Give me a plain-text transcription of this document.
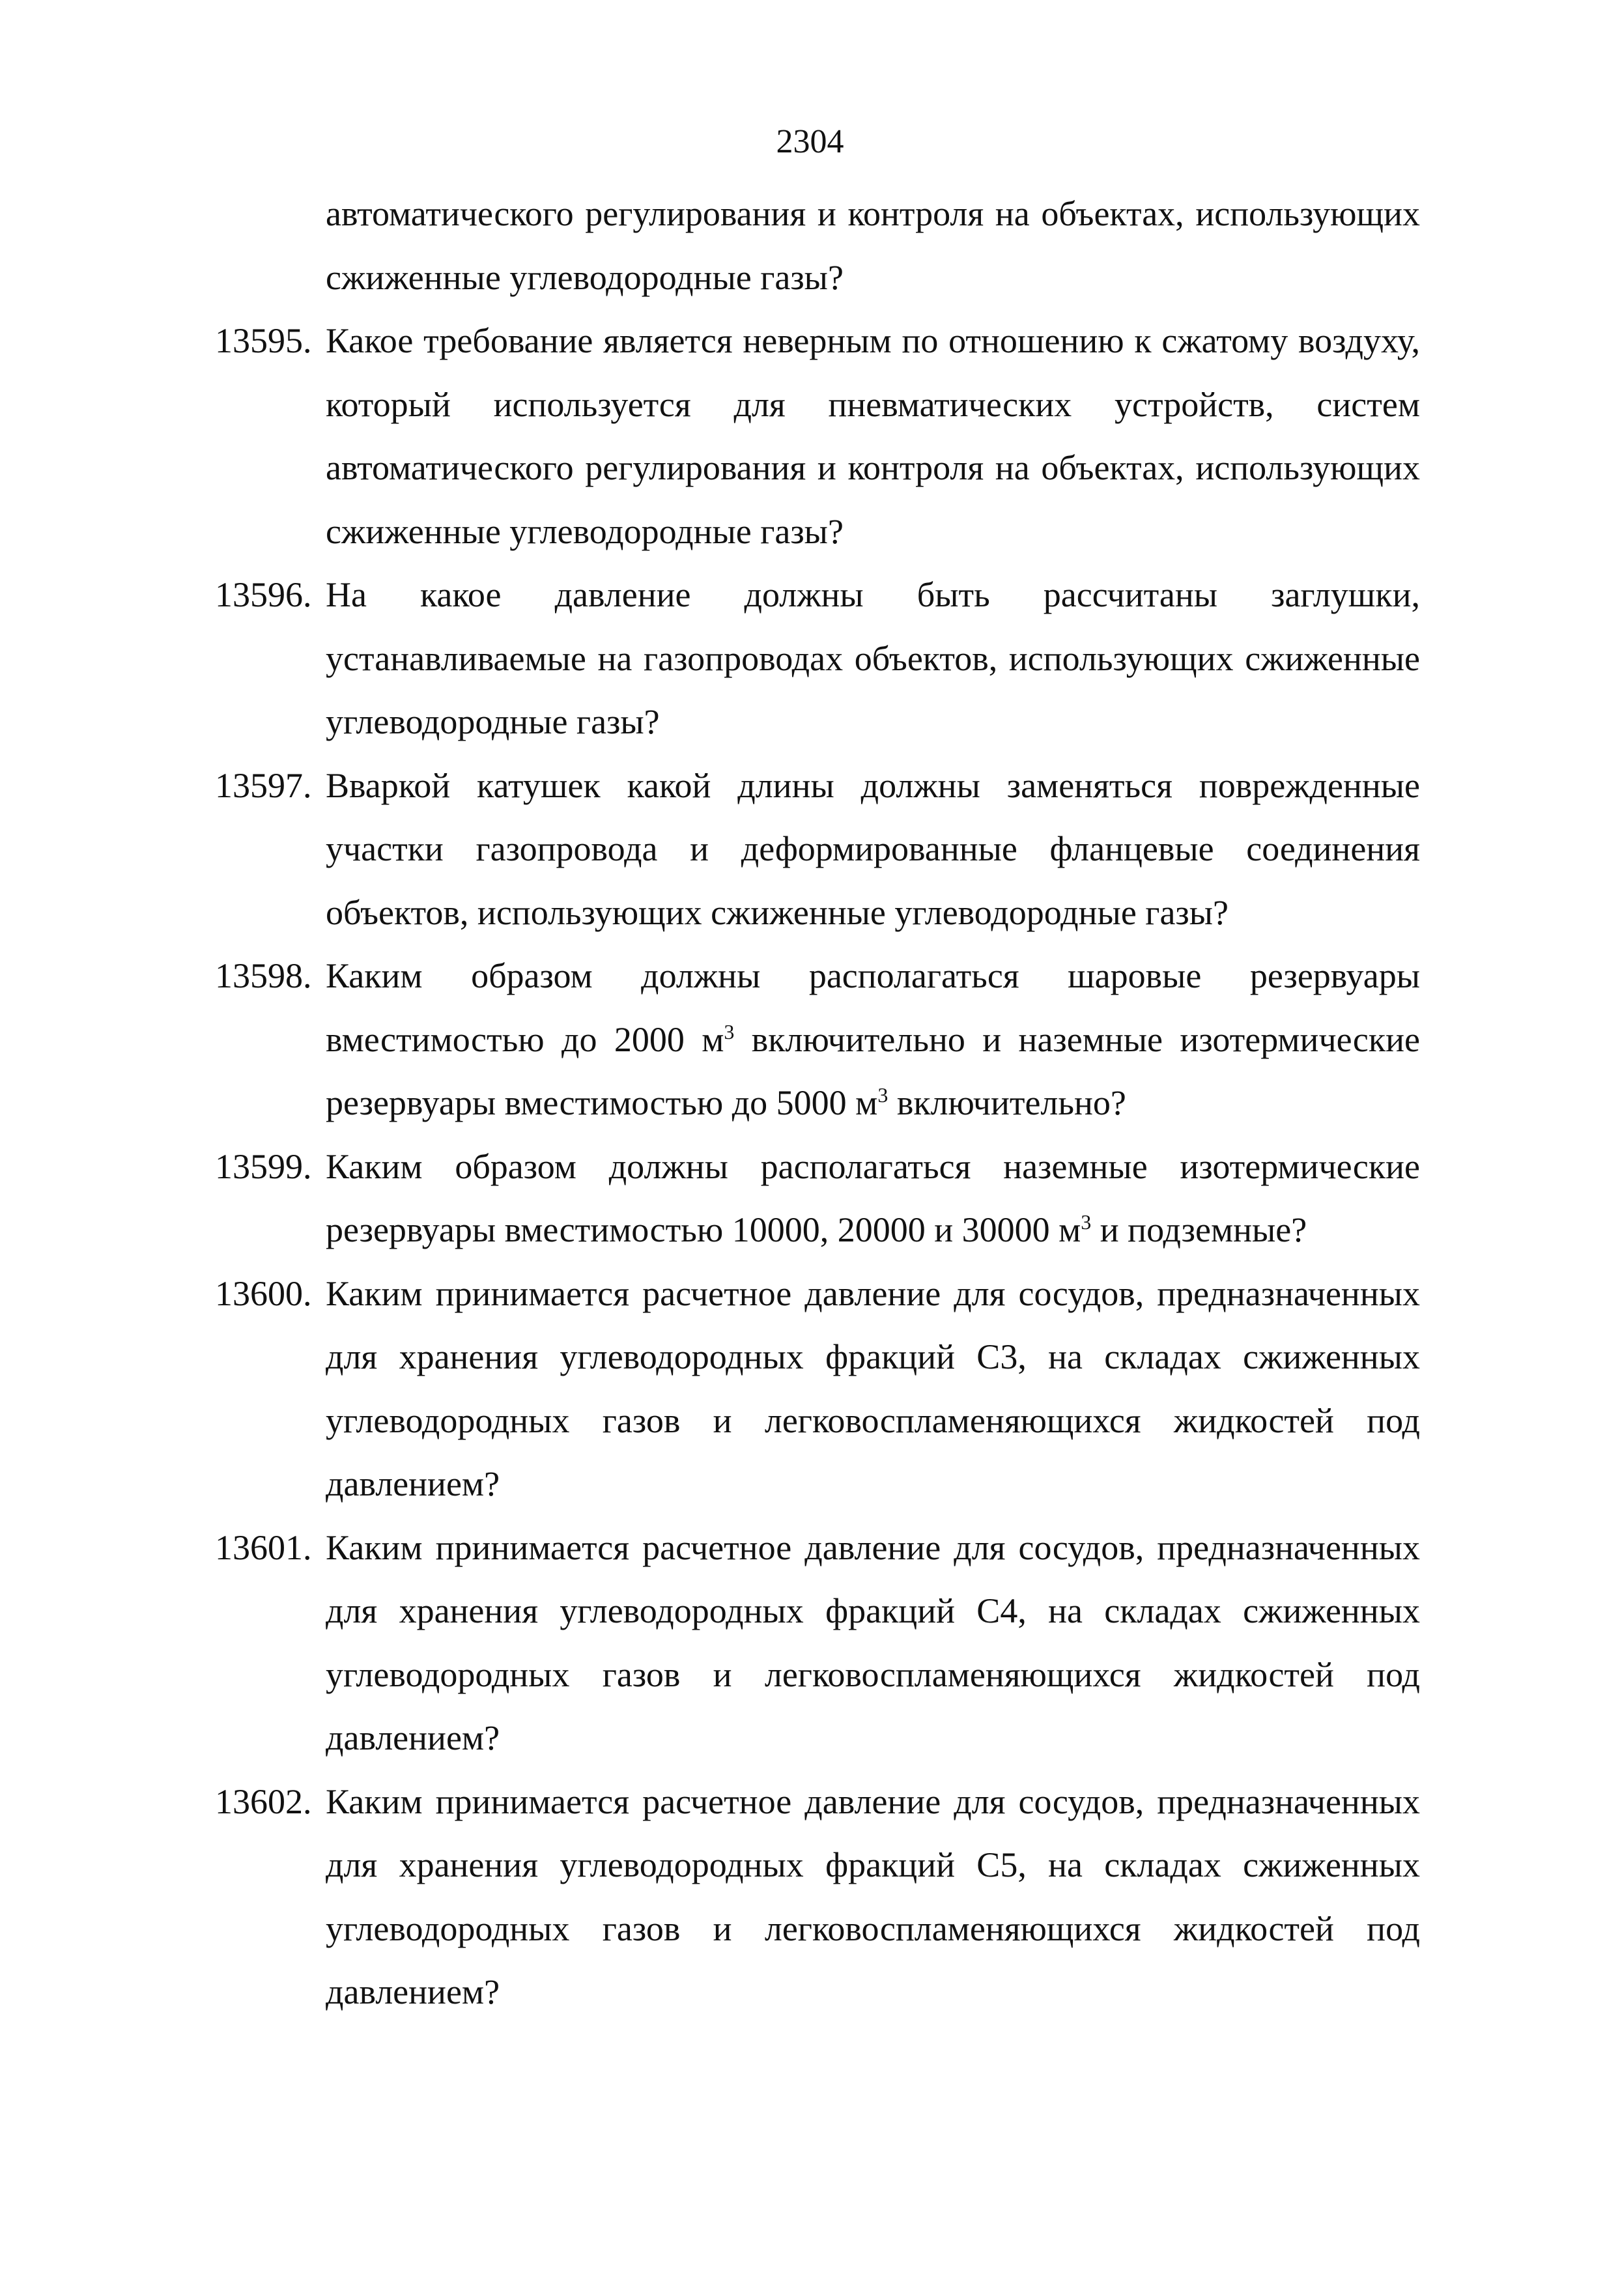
2304
автоматического регулирования и контроля на объектах, использующих сжиженные углеводородные газы?
13595. Какое требование является неверным по отношению к сжатому воздуху, который используется для пневматических устройств, систем автоматического регулирования и контроля на объектах, использующих сжиженные углеводородные газы?
13596. На какое давление должны быть рассчитаны заглушки, устанавливаемые на газопроводах объектов, использующих сжиженные углеводородные газы?
13597. Вваркой катушек какой длины должны заменяться поврежденные участки газопровода и деформированные фланцевые соединения объектов, использующих сжиженные углеводородные газы?
13598. Каким образом должны располагаться шаровые резервуары вместимостью до 2000 $м^3$ включительно и наземные изотермические резервуары вместимостью до 5000 $м^3$ включительно?
13599. Каким образом должны располагаться наземные изотермические резервуары вместимостью 10000, 20000 и 30000 $м^3$ и подземные?
13600. Каким принимается расчетное давление для сосудов, предназначенных для хранения углеводородных фракций С3, на складах сжиженных углеводородных газов и легковоспламеняющихся жидкостей под давлением?
13601. Каким принимается расчетное давление для сосудов, предназначенных для хранения углеводородных фракций С4, на складах сжиженных углеводородных газов и легковоспламеняющихся жидкостей под давлением?
13602. Каким принимается расчетное давление для сосудов, предназначенных для хранения углеводородных фракций С5, на складах сжиженных углеводородных газов и легковоспламеняющихся жидкостей под давлением?
